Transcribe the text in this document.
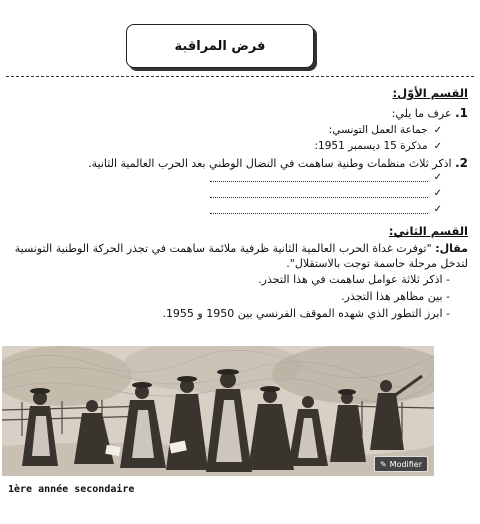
فرض المراقبة
القسم الأوّل:
1. عرف ما يلي:
✓
جماعة العمل التونسي:
✓
مذكرة 15 ديسمبر 1951:
2. اذكر ثلاث منظمات وطنية ساهمت في النضال الوطني بعد الحرب العالمية الثانية.
✓
✓
✓
القسم الثاني:
مقال: "توفرت غداة الحرب العالمية الثانية ظرفية ملائمة ساهمت في تجذر الحركة الوطنية التونسية لتدخل مرحلة حاسمة توجت بالاستقلال".
- اذكر ثلاثة عوامل ساهمت في هذا التجذر.
- بين مظاهر هذا التجذر.
- ابرز التطور الذي شهده الموقف الفرنسي بين 1950 و 1955.
✎ Modifier
1ère année secondaire
